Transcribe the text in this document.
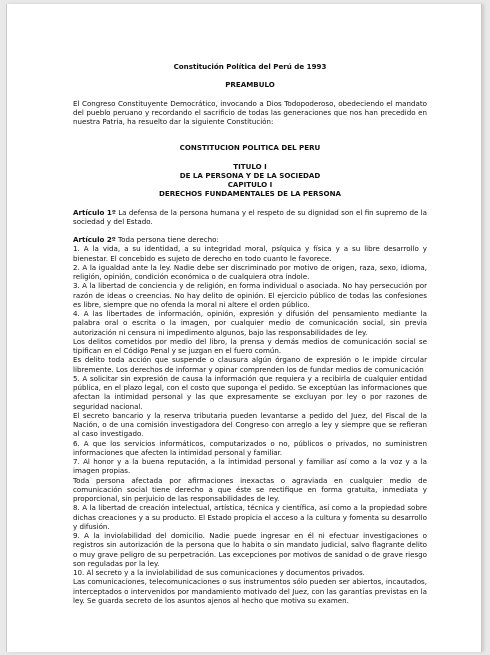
Constitución Política del Perú de 1993
PREAMBULO

El Congreso Constituyente Democrático, invocando a Dios Todopoderoso, obedeciendo el mandato del pueblo peruano y recordando el sacrificio de todas las generaciones que nos han precedido en nuestra Patria, ha resuelto dar la siguiente Constitución:

CONSTITUCION POLITICA DEL PERU
TITULO I
DE LA PERSONA Y DE LA SOCIEDAD
CAPITULO I
DERECHOS FUNDAMENTALES DE LA PERSONA

Artículo 1º La defensa de la persona humana y el respeto de su dignidad son el fin supremo de la sociedad y del Estado.

Artículo 2º Toda persona tiene derecho:

1. A la vida, a su identidad, a su integridad moral, psíquica y física y a su libre desarrollo y bienestar. El concebido es sujeto de derecho en todo cuanto le favorece.

2. A la igualdad ante la ley. Nadie debe ser discriminado por motivo de origen, raza, sexo, idioma, religión, opinión, condición económica o de cualquiera otra índole.

3. A la libertad de conciencia y de religión, en forma individual o asociada. No hay persecución por razón de ideas o creencias. No hay delito de opinión. El ejercicio público de todas las confesiones es libre, siempre que no ofenda la moral ni altere el orden público.

4. A las libertades de información, opinión, expresión y difusión del pensamiento mediante la palabra oral o escrita o la imagen, por cualquier medio de comunicación social, sin previa autorización ni censura ni impedimento algunos, bajo las responsabilidades de ley.

Los delitos cometidos por medio del libro, la prensa y demás medios de comunicación social se tipifican en el Código Penal y se juzgan en el fuero común.

Es delito toda acción que suspende o clausura algún órgano de expresión o le impide circular libremente. Los derechos de informar y opinar comprenden los de fundar medios de comunicación

5. A solicitar sin expresión de causa la información que requiera y a recibirla de cualquier entidad pública, en el plazo legal, con el costo que suponga el pedido. Se exceptúan las informaciones que afectan la intimidad personal y las que expresamente se excluyan por ley o por razones de seguridad nacional.

El secreto bancario y la reserva tributaria pueden levantarse a pedido del Juez, del Fiscal de la Nación, o de una comisión investigadora del Congreso con arreglo a ley y siempre que se refieran al caso investigado.

6. A que los servicios informáticos, computarizados o no, públicos o privados, no suministren informaciones que afecten la intimidad personal y familiar.

7. Al honor y a la buena reputación, a la intimidad personal y familiar así como a la voz y a la imagen propias.

Toda persona afectada por afirmaciones inexactas o agraviada en cualquier medio de comunicación social tiene derecho a que éste se rectifique en forma gratuita, inmediata y proporcional, sin perjuicio de las responsabilidades de ley.

8. A la libertad de creación intelectual, artística, técnica y científica, así como a la propiedad sobre dichas creaciones y a su producto. El Estado propicia el acceso a la cultura y fomenta su desarrollo y difusión.

9. A la inviolabilidad del domicilio. Nadie puede ingresar en él ni efectuar investigaciones o registros sin autorización de la persona que lo habita o sin mandato judicial, salvo flagrante delito o muy grave peligro de su perpetración. Las excepciones por motivos de sanidad o de grave riesgo son reguladas por la ley.

10. Al secreto y a la inviolabilidad de sus comunicaciones y documentos privados.

Las comunicaciones, telecomunicaciones o sus instrumentos sólo pueden ser abiertos, incautados, interceptados o intervenidos por mandamiento motivado del Juez, con las garantías previstas en la ley. Se guarda secreto de los asuntos ajenos al hecho que motiva su examen.
